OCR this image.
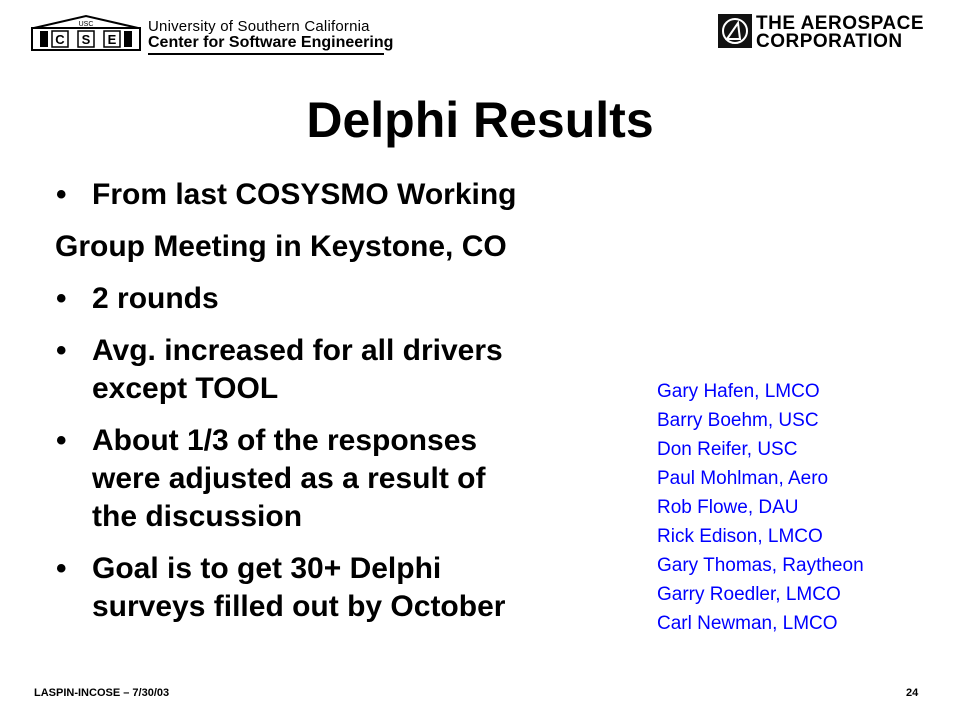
USC
C S E
University of Southern California
Center for Software Engineering
THE AEROSPACE
CORPORATION
Delphi Results
• From last COSYSMO Working
Group Meeting in Keystone, CO
• 2 rounds
• Avg. increased for all drivers
except TOOL
• About 1/3 of the responses
were adjusted as a result of
the discussion
• Goal is to get 30+ Delphi
surveys filled out by October
Gary Hafen, LMCO
Barry Boehm, USC
Don Reifer, USC
Paul Mohlman, Aero
Rob Flowe, DAU
Rick Edison, LMCO
Gary Thomas, Raytheon
Garry Roedler, LMCO
Carl Newman, LMCO
LASPIN-INCOSE – 7/30/03	24
